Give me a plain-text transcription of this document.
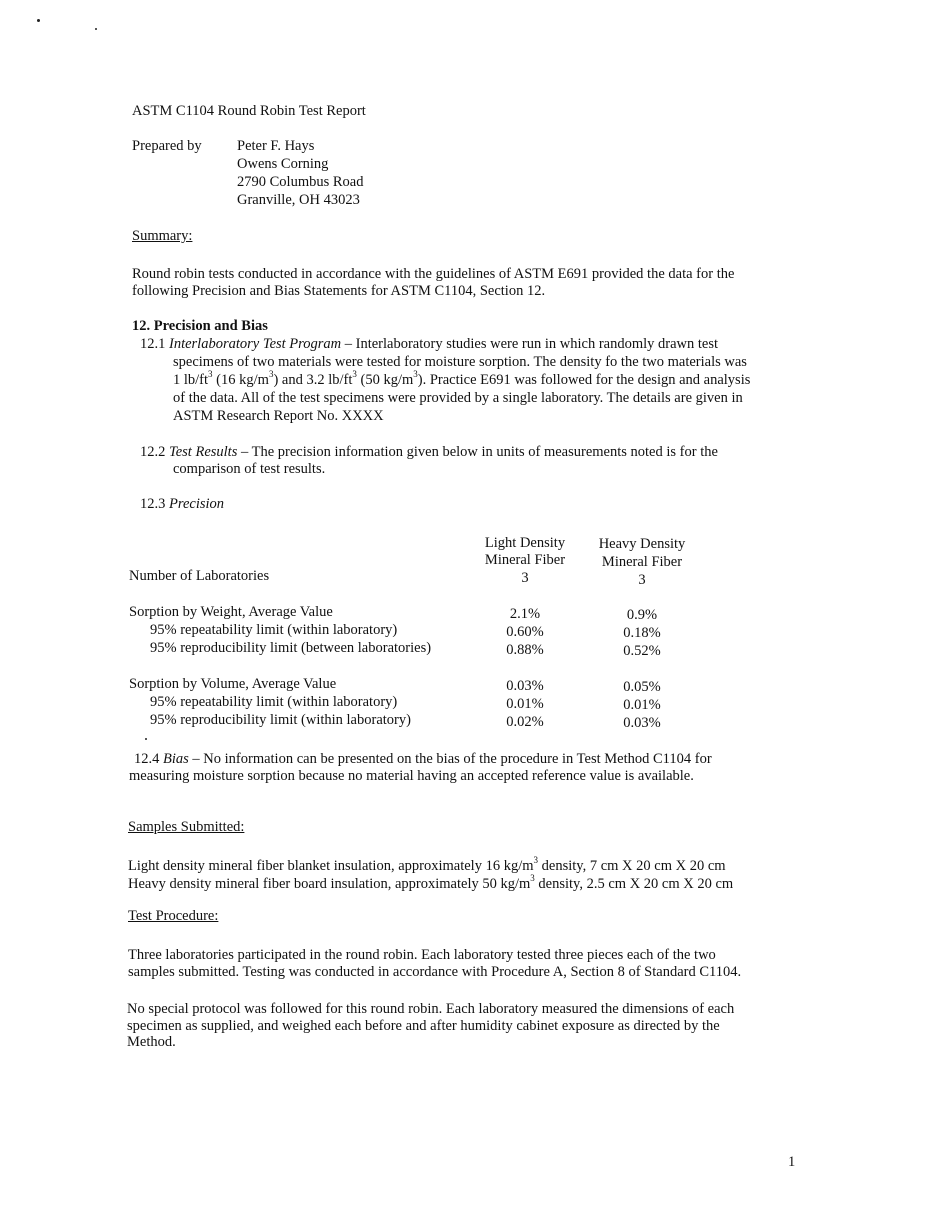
ASTM C1104 Round Robin Test Report
Prepared by Peter F. Hays
Owens Corning
2790 Columbus Road
Granville, OH 43023
Summary:
Round robin tests conducted in accordance with the guidelines of ASTM E691 provided the data for the
following Precision and Bias Statements for ASTM C1104, Section 12.
12. Precision and Bias
12.1 Interlaboratory Test Program – Interlaboratory studies were run in which randomly drawn test
specimens of two materials were tested for moisture sorption. The density fo the two materials was
1 $lb/ft^3$ (16 $kg/m^3$) and 3.2 $lb/ft^3$ (50 $kg/m^3$). Practice E691 was followed for the design and analysis
of the data. All of the test specimens were provided by a single laboratory. The details are given in
ASTM Research Report No. XXXX
12.2 Test Results – The precision information given below in units of measurements noted is for the
comparison of test results.
12.3 Precision
Light Density
Mineral Fiber
Heavy Density
Mineral Fiber
Number of Laboratories	3	3
Sorption by Weight, Average Value	2.1%	0.9%
95% repeatability limit (within laboratory)	0.60%	0.18%
95% reproducibility limit (between laboratories)	0.88%	0.52%
Sorption by Volume, Average Value	0.03%	0.05%
95% repeatability limit (within laboratory)	0.01%	0.01%
95% reproducibility limit (within laboratory)	0.02%	0.03%
12.4 Bias – No information can be presented on the bias of the procedure in Test Method C1104 for
measuring moisture sorption because no material having an accepted reference value is available.
Samples Submitted:
Light density mineral fiber blanket insulation, approximately 16 $kg/m^3$ density, 7 cm X 20 cm X 20 cm
Heavy density mineral fiber board insulation, approximately 50 $kg/m^3$ density, 2.5 cm X 20 cm X 20 cm
Test Procedure:
Three laboratories participated in the round robin. Each laboratory tested three pieces each of the two
samples submitted. Testing was conducted in accordance with Procedure A, Section 8 of Standard C1104.
No special protocol was followed for this round robin. Each laboratory measured the dimensions of each
specimen as supplied, and weighed each before and after humidity cabinet exposure as directed by the
Method.
1
